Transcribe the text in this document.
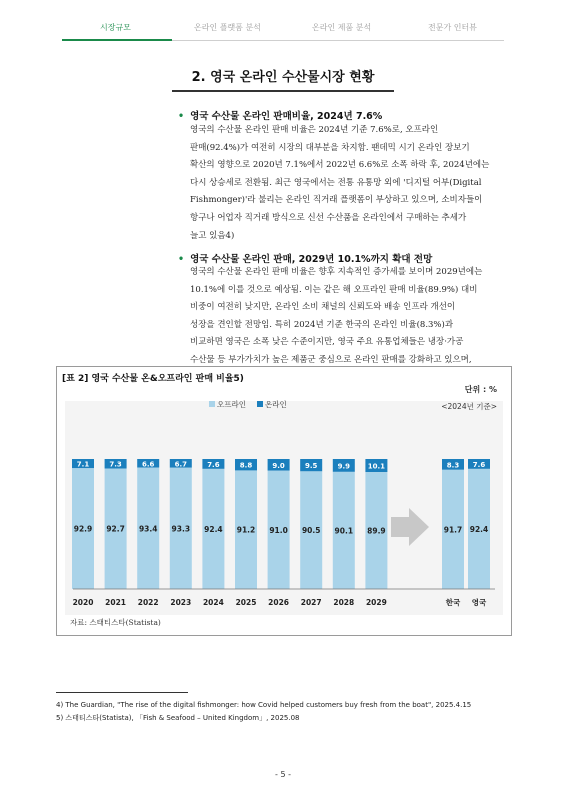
시장규모	온라인 플랫폼 분석	온라인 제품 분석	전문가 인터뷰
2. 영국 온라인 수산물시장 현황
• 영국 수산물 온라인 판매비율, 2024년 7.6%
영국의 수산물 온라인 판매 비율은 2024년 기준 7.6%로, 오프라인
판매(92.4%)가 여전히 시장의 대부분을 차지함. 팬데믹 시기 온라인 장보기
확산의 영향으로 2020년 7.1%에서 2022년 6.6%로 소폭 하락 후, 2024년에는
다시 상승세로 전환됨. 최근 영국에서는 전통 유통망 외에 '디지털 어부(Digital
Fishmonger)'라 불리는 온라인 직거래 플랫폼이 부상하고 있으며, 소비자들이
항구나 어업자 직거래 방식으로 신선 수산품을 온라인에서 구매하는 추세가
늘고 있음4)
• 영국 수산물 온라인 판매, 2029년 10.1%까지 확대 전망
영국의 수산물 온라인 판매 비율은 향후 지속적인 증가세를 보이며 2029년에는
10.1%에 이를 것으로 예상됨. 이는 같은 해 오프라인 판매 비율(89.9%) 대비
비중이 여전히 낮지만, 온라인 소비 채널의 신뢰도와 배송 인프라 개선이
성장을 견인할 전망임. 특히 2024년 기준 한국의 온라인 비율(8.3%)과
비교하면 영국은 소폭 낮은 수준이지만, 영국 주요 유통업체들은 냉장·가공
수산물 등 부가가치가 높은 제품군 중심으로 온라인 판매를 강화하고 있으며,
단위 : %
<2024년 기준>
오프라인	온라인
7.1
92.9
2020
7.3
92.7
2021
6.6
93.4
2022
6.7
93.3
2023
7.6
92.4
2024
8.8
91.2
2025
9.0
91.0
2026
9.5
90.5
2027
9.9
90.1
2028
10.1
89.9
2029
8.3
91.7
한국
7.6
92.4
영국
[표 2] 영국 수산물 온&오프라인 판매 비율5)
자료: 스태티스타(Statista)
4) The Guardian, "The rise of the digital fishmonger: how Covid helped customers buy fresh from the boat", 2025.4.15
5) 스태티스타(Statista), 「Fish & Seafood – United Kingdom」, 2025.08
- 5 -
